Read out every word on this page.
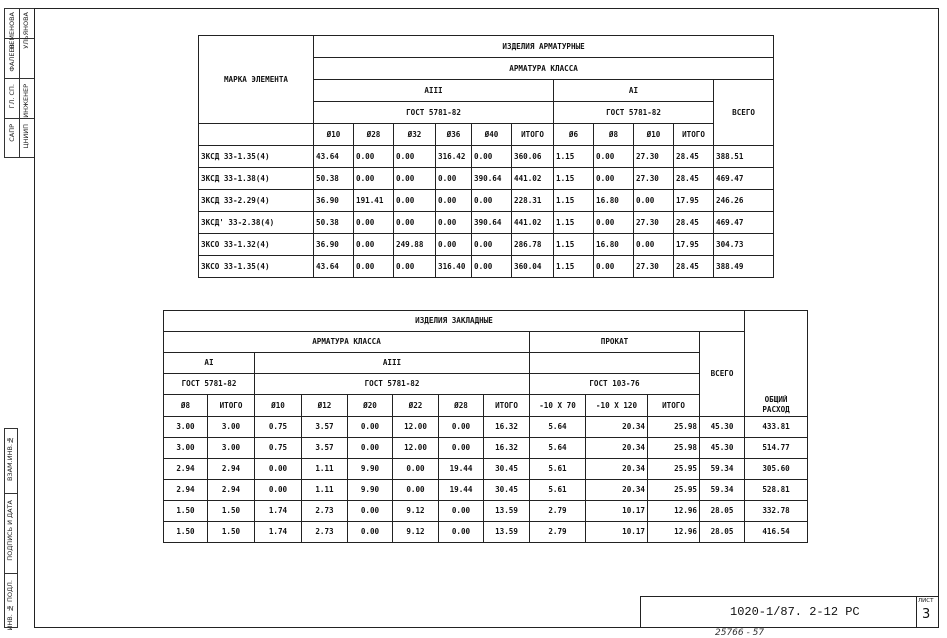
САПР ЦНИИП
ГЛ. СП. ИНЖЕНЕР
ФАЛЕЕВ
УЛЬЯНОВА
НЕМЕНОВА
ИНВ. № ПОДЛ.
ПОДПИСЬ И ДАТА
ВЗАМ.ИНВ.№
МАРКА ЭЛЕМЕНТА	ИЗДЕЛИЯ АРМАТУРНЫЕ										
	АРМАТУРА КЛАССА										
	АIII						АI				ВСЕГО
	ГОСТ 5781-82						ГОСТ 5781-82				
	Ø10	Ø28	Ø32	Ø36	Ø40	ИТОГО	Ø6	Ø8	Ø10	ИТОГО	
3КСД 33-1.35(4)	43.64	0.00	0.00	316.42	0.00	360.06	1.15	0.00	27.30	28.45	388.51
3КСД 33-1.38(4)	50.38	0.00	0.00	0.00	390.64	441.02	1.15	0.00	27.30	28.45	469.47
3КСД 33-2.29(4)	36.90	191.41	0.00	0.00	0.00	228.31	1.15	16.80	0.00	17.95	246.26
3КСД' 33-2.38(4)	50.38	0.00	0.00	0.00	390.64	441.02	1.15	0.00	27.30	28.45	469.47
3КСО 33-1.32(4)	36.90	0.00	249.88	0.00	0.00	286.78	1.15	16.80	0.00	17.95	304.73
3КСО 33-1.35(4)	43.64	0.00	0.00	316.40	0.00	360.04	1.15	0.00	27.30	28.45	388.49
ИЗДЕЛИЯ ЗАКЛАДНЫЕ												
АРМАТУРА КЛАССА								ПРОКАТ			ВСЕГО	
АI		АIII										
ГОСТ 5781-82		ГОСТ 5781-82						ГОСТ 103-76				
Ø8	ИТОГО	Ø10	Ø12	Ø20	Ø22	Ø28	ИТОГО	-10 Х 70	-10 Х 120	ИТОГО		ОБЩИЙ
РАСХОД
3.00	3.00	0.75	3.57	0.00	12.00	0.00	16.32	5.64	20.34	25.98	45.30	433.81
3.00	3.00	0.75	3.57	0.00	12.00	0.00	16.32	5.64	20.34	25.98	45.30	514.77
2.94	2.94	0.00	1.11	9.90	0.00	19.44	30.45	5.61	20.34	25.95	59.34	305.60
2.94	2.94	0.00	1.11	9.90	0.00	19.44	30.45	5.61	20.34	25.95	59.34	528.81
1.50	1.50	1.74	2.73	0.00	9.12	0.00	13.59	2.79	10.17	12.96	28.05	332.78
1.50	1.50	1.74	2.73	0.00	9.12	0.00	13.59	2.79	10.17	12.96	28.05	416.54
1020-1/87. 2-12 PC
ЛИСТ
3
25766 - 57
